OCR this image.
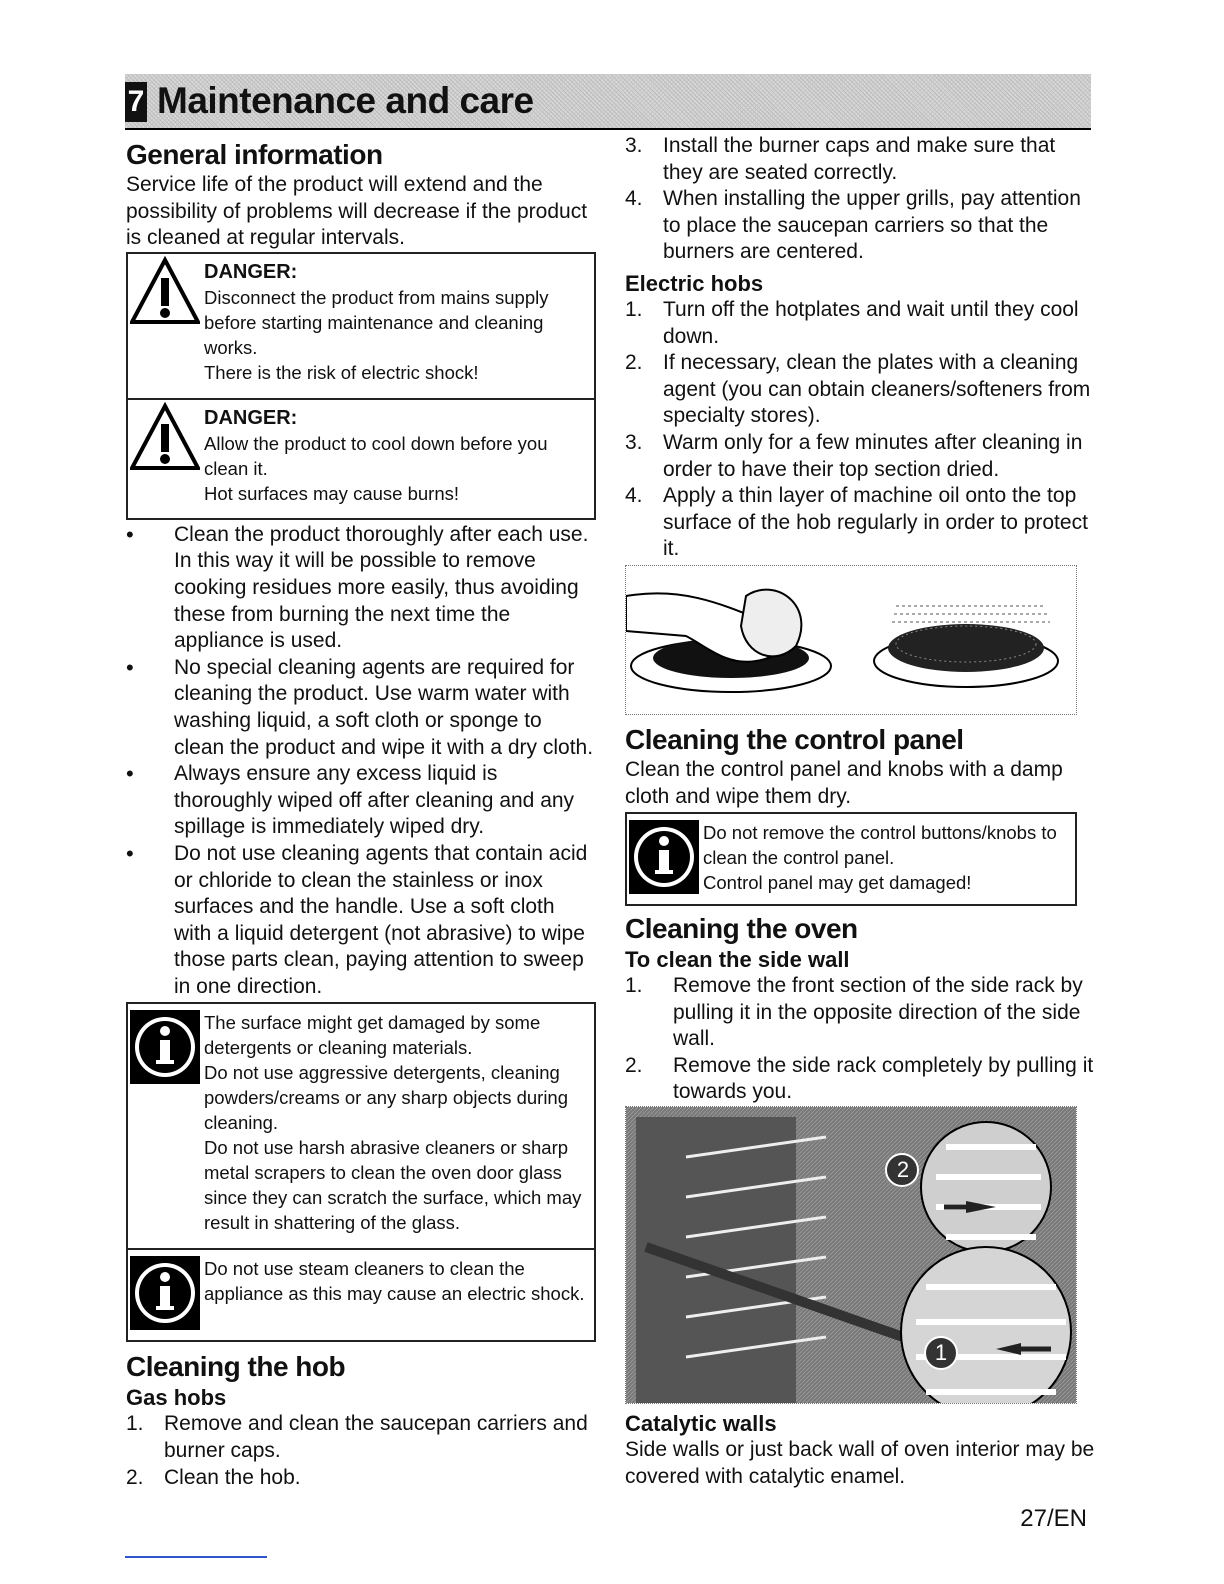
7 Maintenance and care
General information

Service life of the product will extend and the possibility of problems will decrease if the product is cleaned at regular intervals.

DANGER:
Disconnect the product from mains supply before starting maintenance and cleaning works.
There is the risk of electric shock!
DANGER:
Allow the product to cool down before you clean it.
Hot surfaces may cause burns!
• Clean the product thoroughly after each use. In this way it will be possible to remove cooking residues more easily, thus avoiding these from burning the next time the appliance is used.
• No special cleaning agents are required for cleaning the product. Use warm water with washing liquid, a soft cloth or sponge to clean the product and wipe it with a dry cloth.
• Always ensure any excess liquid is thoroughly wiped off after cleaning and any spillage is immediately wiped dry.
• Do not use cleaning agents that contain acid or chloride to clean the stainless or inox surfaces and the handle. Use a soft cloth with a liquid detergent (not abrasive) to wipe those parts clean, paying attention to sweep in one direction.
The surface might get damaged by some detergents or cleaning materials.
Do not use aggressive detergents, cleaning powders/creams or any sharp objects during cleaning.
Do not use harsh abrasive cleaners or sharp metal scrapers to clean the oven door glass since they can scratch the surface, which may result in shattering of the glass.
Do not use steam cleaners to clean the appliance as this may cause an electric shock.
Cleaning the hob
Gas hobs
1. Remove and clean the saucepan carriers and burner caps.
2. Clean the hob.
3. Install the burner caps and make sure that they are seated correctly.
4. When installing the upper grills, pay attention to place the saucepan carriers so that the burners are centered.
Electric hobs
1. Turn off the hotplates and wait until they cool down.
2. If necessary, clean the plates with a cleaning agent (you can obtain cleaners/softeners from specialty stores).
3. Warm only for a few minutes after cleaning in order to have their top section dried.
4. Apply a thin layer of machine oil onto the top surface of the hob regularly in order to protect it.
Cleaning the control panel

Clean the control panel and knobs with a damp cloth and wipe them dry.

Do not remove the control buttons/knobs to clean the control panel.
Control panel may get damaged!
Cleaning the oven
To clean the side wall
1. Remove the front section of the side rack by pulling it in the opposite direction of the side wall.
2. Remove the side rack completely by pulling it towards you.
2
1
Catalytic walls

Side walls or just back wall of oven interior may be covered with catalytic enamel.

27/EN
